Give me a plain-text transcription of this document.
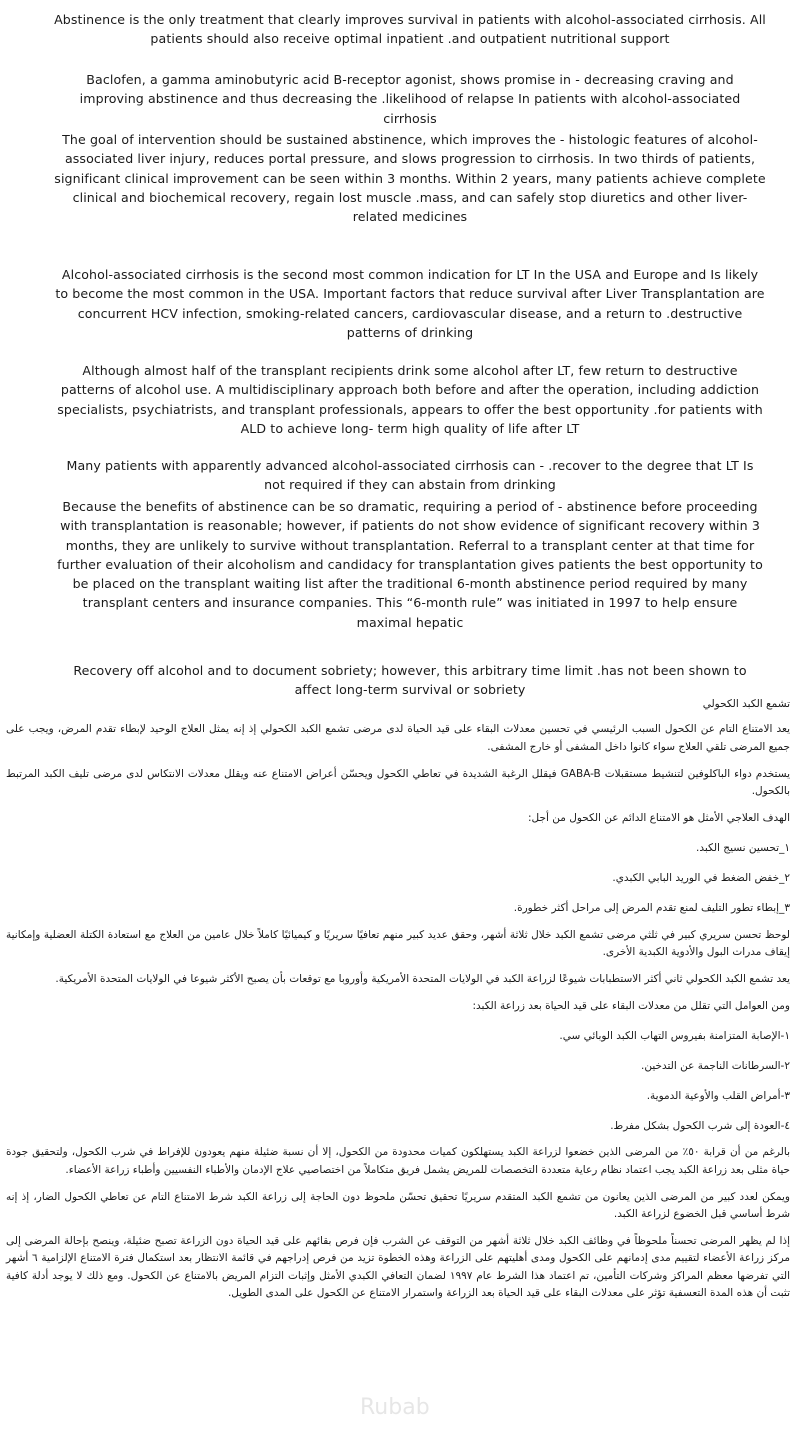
Abstinence is the only treatment that clearly improves survival in patients with alcohol-associated cirrhosis. All patients should also receive optimal inpatient .and outpatient nutritional support

Baclofen, a gamma aminobutyric acid B-receptor agonist, shows promise in - decreasing craving and improving abstinence and thus decreasing the .likelihood of relapse In patients with alcohol-associated cirrhosis

The goal of intervention should be sustained abstinence, which improves the - histologic features of alcohol-associated liver injury, reduces portal pressure, and slows progression to cirrhosis. In two thirds of patients, significant clinical improvement can be seen within 3 months. Within 2 years, many patients achieve complete clinical and biochemical recovery, regain lost muscle .mass, and can safely stop diuretics and other liver-related medicines

Alcohol-associated cirrhosis is the second most common indication for LT In the USA and Europe and Is likely to become the most common in the USA. Important factors that reduce survival after Liver Transplantation are concurrent HCV infection, smoking-related cancers, cardiovascular disease, and a return to .destructive patterns of drinking

Although almost half of the transplant recipients drink some alcohol after LT, few return to destructive patterns of alcohol use. A multidisciplinary approach both before and after the operation, including addiction specialists, psychiatrists, and transplant professionals, appears to offer the best opportunity .for patients with ALD to achieve long- term high quality of life after LT

Many patients with apparently advanced alcohol-associated cirrhosis can - .recover to the degree that LT Is not required if they can abstain from drinking

Because the benefits of abstinence can be so dramatic, requiring a period of - abstinence before proceeding with transplantation is reasonable; however, if patients do not show evidence of significant recovery within 3 months, they are unlikely to survive without transplantation. Referral to a transplant center at that time for further evaluation of their alcoholism and candidacy for transplantation gives patients the best opportunity to be placed on the transplant waiting list after the traditional 6-month abstinence period required by many transplant centers and insurance companies. This “6-month rule” was initiated in 1997 to help ensure maximal hepatic

Recovery off alcohol and to document sobriety; however, this arbitrary time limit .has not been shown to affect long-term survival or sobriety

تشمع الكبد الكحولي

يعد الامتناع التام عن الكحول السبب الرئيسي في تحسين معدلات البقاء على قيد الحياة لدى مرضى تشمع الكبد الكحولي إذ إنه يمثل العلاج الوحيد لإبطاء تقدم المرض، ويجب على جميع المرضى تلقي العلاج سواء كانوا داخل المشفى أو خارج المشفى.

يستخدم دواء الباكلوفين لتنشيط مستقبلات GABA-B فيقلل الرغبة الشديدة في تعاطي الكحول ويحسّن أعراض الامتناع عنه ويقلل معدلات الانتكاس لدى مرضى تليف الكبد المرتبط بالكحول.

الهدف العلاجي الأمثل هو الامتناع الدائم عن الكحول من أجل:

١_تحسين نسيج الكبد.

٢_خفض الضغط في الوريد البابي الكبدي.

٣_إبطاء تطور التليف لمنع تقدم المرض إلى مراحل أكثر خطورة.

لوحظ تحسن سريري كبير في ثلثي مرضى تشمع الكبد خلال ثلاثة أشهر، وحقق عديد كبير منهم تعافيًا سريريًا و كيميائيًا كاملاً خلال عامين من العلاج مع استعادة الكتلة العضلية وإمكانية إيقاف مدرات البول والأدوية الكبدية الأخرى.

يعد تشمع الكبد الكحولي ثاني أكثر الاستطبابات شيوعًا لزراعة الكبد في الولايات المتحدة الأمريكية وأوروبا مع توقعات بأن يصبح الأكثر شيوعا في الولايات المتحدة الأمريكية.

ومن العوامل التي تقلل من معدلات البقاء على قيد الحياة بعد زراعة الكبد:

١-الإصابة المتزامنة بفيروس التهاب الكبد الوبائي سي.

٢-السرطانات الناجمة عن التدخين.

٣-أمراض القلب والأوعية الدموية.

٤-العودة إلى شرب الكحول بشكل مفرط.

بالرغم من أن قرابة ٥٠٪ من المرضى الذين خضعوا لزراعة الكبد يستهلكون كميات محدودة من الكحول، إلا أن نسبة ضئيلة منهم يعودون للإفراط في شرب الكحول، ولتحقيق جودة حياة مثلى بعد زراعة الكبد يجب اعتماد نظام رعاية متعددة التخصصات للمريض يشمل فريق متكاملاً من اختصاصيي علاج الإدمان والأطباء النفسيين وأطباء زراعة الأعضاء.

ويمكن لعدد كبير من المرضى الذين يعانون من تشمع الكبد المتقدم سريريًا تحقيق تحسّن ملحوظ دون الحاجة إلى زراعة الكبد شرط الامتناع التام عن تعاطي الكحول الضار، إذ إنه شرط أساسي قبل الخضوع لزراعة الكبد.

إذا لم يظهر المرضى تحسناً ملحوظاً في وظائف الكبد خلال ثلاثة أشهر من التوقف عن الشرب فإن فرص بقائهم على قيد الحياة دون الزراعة تصبح ضئيلة، وينصح بإحالة المرضى إلى مركز زراعة الأعضاء لتقييم مدى إدمانهم على الكحول ومدى أهليتهم على الزراعة وهذه الخطوة تزيد من فرص إدراجهم في قائمة الانتظار بعد استكمال فترة الامتناع الإلزامية ٦ أشهر التي تفرضها معظم المراكز وشركات التأمين، تم اعتماد هذا الشرط عام ١٩٩٧ لضمان التعافي الكبدي الأمثل وإثبات التزام المريض بالامتناع عن الكحول. ومع ذلك لا يوجد أدلة كافية تثبت أن هذه المدة التعسفية تؤثر على معدلات البقاء على قيد الحياة بعد الزراعة واستمرار الامتناع عن الكحول على المدى الطويل.

Rubab
